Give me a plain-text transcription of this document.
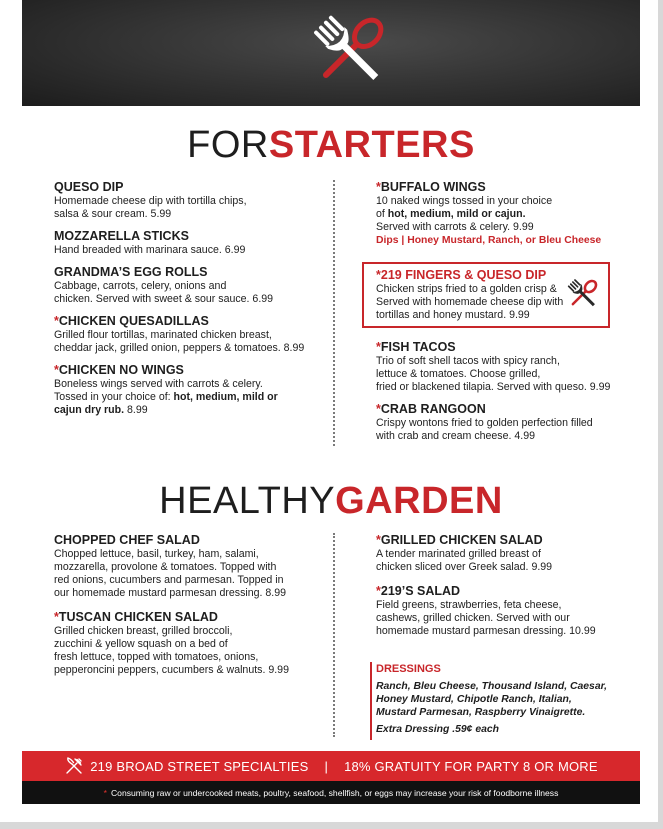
FORSTARTERS
QUESO DIP
Homemade cheese dip with tortilla chips,
salsa & sour cream. 5.99
MOZZARELLA STICKS
Hand breaded with marinara sauce. 6.99
GRANDMA’S EGG ROLLS
Cabbage, carrots, celery, onions and
chicken. Served with sweet & sour sauce. 6.99
*CHICKEN QUESADILLAS
Grilled flour tortillas, marinated chicken breast,
cheddar jack, grilled onion, peppers & tomatoes. 8.99
*CHICKEN NO WINGS
Boneless wings served with carrots & celery.
Tossed in your choice of: hot, medium, mild or
cajun dry rub. 8.99
*BUFFALO WINGS
10 naked wings tossed in your choice
of hot, medium, mild or cajun.
Served with carrots & celery. 9.99
Dips | Honey Mustard, Ranch, or Bleu Cheese
*219 FINGERS & QUESO DIP
Chicken strips fried to a golden crisp &
Served with homemade cheese dip with
tortillas and honey mustard. 9.99
*FISH TACOS
Trio of soft shell tacos with spicy ranch,
lettuce & tomatoes. Choose grilled,
fried or blackened tilapia. Served with queso. 9.99
*CRAB RANGOON
Crispy wontons fried to golden perfection filled
with crab and cream cheese. 4.99
HEALTHYGARDEN
CHOPPED CHEF SALAD
Chopped lettuce, basil, turkey, ham, salami,
mozzarella, provolone & tomatoes. Topped with
red onions, cucumbers and parmesan. Topped in
our homemade mustard parmesan dressing. 8.99
*TUSCAN CHICKEN SALAD
Grilled chicken breast, grilled broccoli,
zucchini & yellow squash on a bed of
fresh lettuce, topped with tomatoes, onions,
pepperoncini peppers, cucumbers & walnuts. 9.99
*GRILLED CHICKEN SALAD
A tender marinated grilled breast of
chicken sliced over Greek salad. 9.99
*219’S SALAD
Field greens, strawberries, feta cheese,
cashews, grilled chicken. Served with our
homemade mustard parmesan dressing. 10.99
DRESSINGS
Ranch, Bleu Cheese, Thousand Island, Caesar,
Honey Mustard, Chipotle Ranch, Italian,
Mustard Parmesan, Raspberry Vinaigrette.
Extra Dressing .59¢ each
219 BROAD STREET SPECIALTIES | 18% GRATUITY FOR PARTY 8 OR MORE
* Consuming raw or undercooked meats, poultry, seafood, shellfish, or eggs may increase your risk of foodborne illness
